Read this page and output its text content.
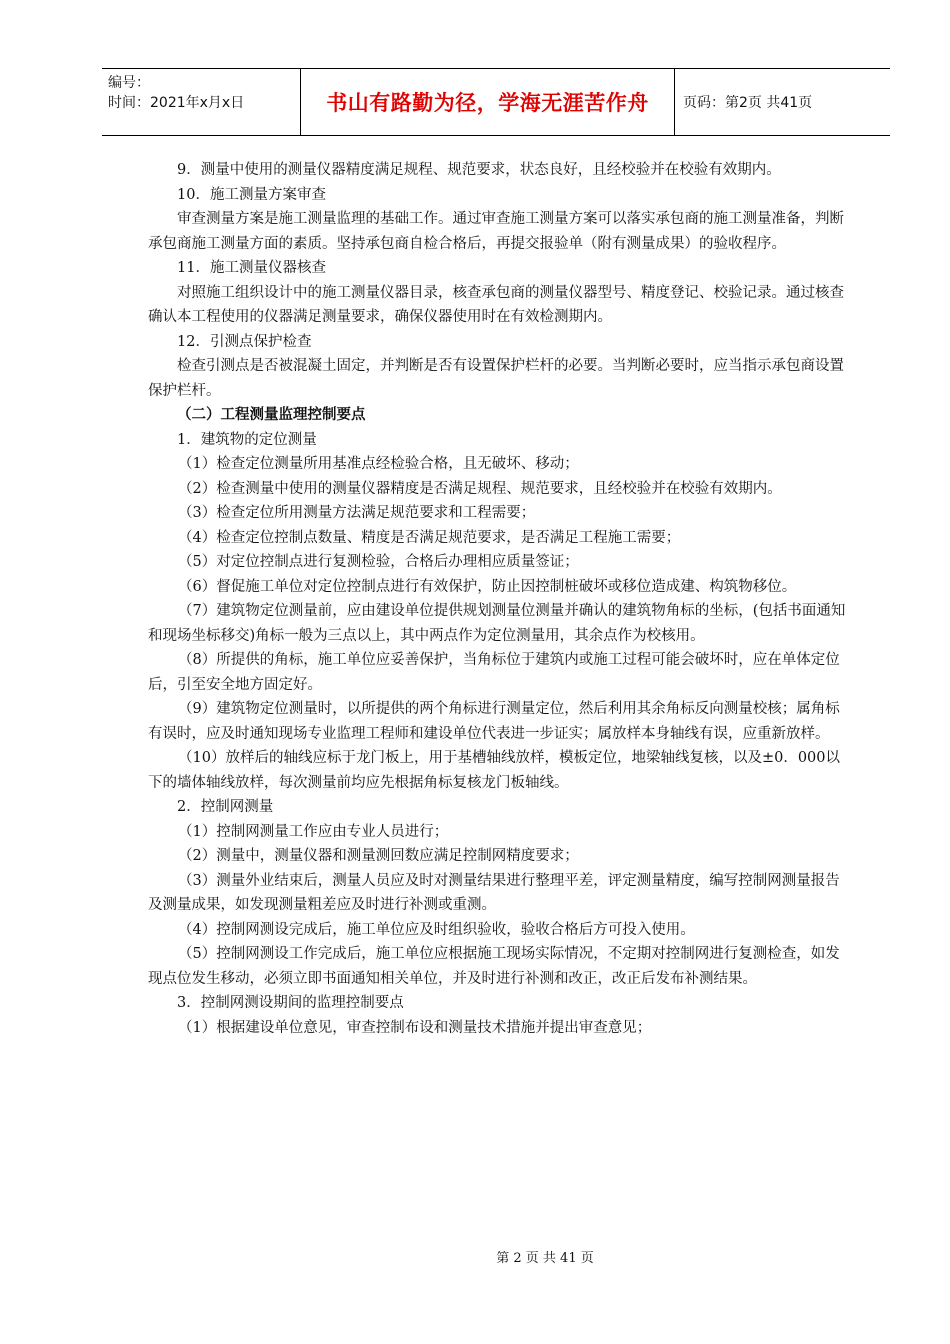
编号：
时间：2021年x月x日	书山有路勤为径，学海无涯苦作舟	页码：第2页 共41页

9．测量中使用的测量仪器精度满足规程、规范要求，状态良好，且经校验并在校验有效期内。

10．施工测量方案审查

审查测量方案是施工测量监理的基础工作。通过审查施工测量方案可以落实承包商的施工测量准备，判断承包商施工测量方面的素质。坚持承包商自检合格后，再提交报验单（附有测量成果）的验收程序。

11．施工测量仪器核查

对照施工组织设计中的施工测量仪器目录，核查承包商的测量仪器型号、精度登记、校验记录。通过核查确认本工程使用的仪器满足测量要求，确保仪器使用时在有效检测期内。

12．引测点保护检查

检查引测点是否被混凝土固定，并判断是否有设置保护栏杆的必要。当判断必要时，应当指示承包商设置保护栏杆。

（二）工程测量监理控制要点

1．建筑物的定位测量

（1）检查定位测量所用基准点经检验合格，且无破坏、移动；

（2）检查测量中使用的测量仪器精度是否满足规程、规范要求，且经校验并在校验有效期内。

（3）检查定位所用测量方法满足规范要求和工程需要；

（4）检查定位控制点数量、精度是否满足规范要求，是否满足工程施工需要；

（5）对定位控制点进行复测检验，合格后办理相应质量签证；

（6）督促施工单位对定位控制点进行有效保护，防止因控制桩破坏或移位造成建、构筑物移位。

（7）建筑物定位测量前，应由建设单位提供规划测量位测量并确认的建筑物角标的坐标，(包括书面通知和现场坐标移交)角标一般为三点以上，其中两点作为定位测量用，其余点作为校核用。

（8）所提供的角标，施工单位应妥善保护，当角标位于建筑内或施工过程可能会破坏时，应在单体定位后，引至安全地方固定好。

（9）建筑物定位测量时，以所提供的两个角标进行测量定位，然后利用其余角标反向测量校核；属角标有误时，应及时通知现场专业监理工程师和建设单位代表进一步证实；属放样本身轴线有误，应重新放样。

（10）放样后的轴线应标于龙门板上，用于基槽轴线放样，模板定位，地梁轴线复核，以及±0．000以下的墙体轴线放样，每次测量前均应先根据角标复核龙门板轴线。

2．控制网测量

（1）控制网测量工作应由专业人员进行；

（2）测量中，测量仪器和测量测回数应满足控制网精度要求；

（3）测量外业结束后，测量人员应及时对测量结果进行整理平差，评定测量精度，编写控制网测量报告及测量成果，如发现测量粗差应及时进行补测或重测。

（4）控制网测设完成后，施工单位应及时组织验收，验收合格后方可投入使用。

（5）控制网测设工作完成后，施工单位应根据施工现场实际情况，不定期对控制网进行复测检查，如发现点位发生移动，必须立即书面通知相关单位，并及时进行补测和改正，改正后发布补测结果。

3．控制网测设期间的监理控制要点

（1）根据建设单位意见，审查控制布设和测量技术措施并提出审查意见；

第 2 页 共 41 页
